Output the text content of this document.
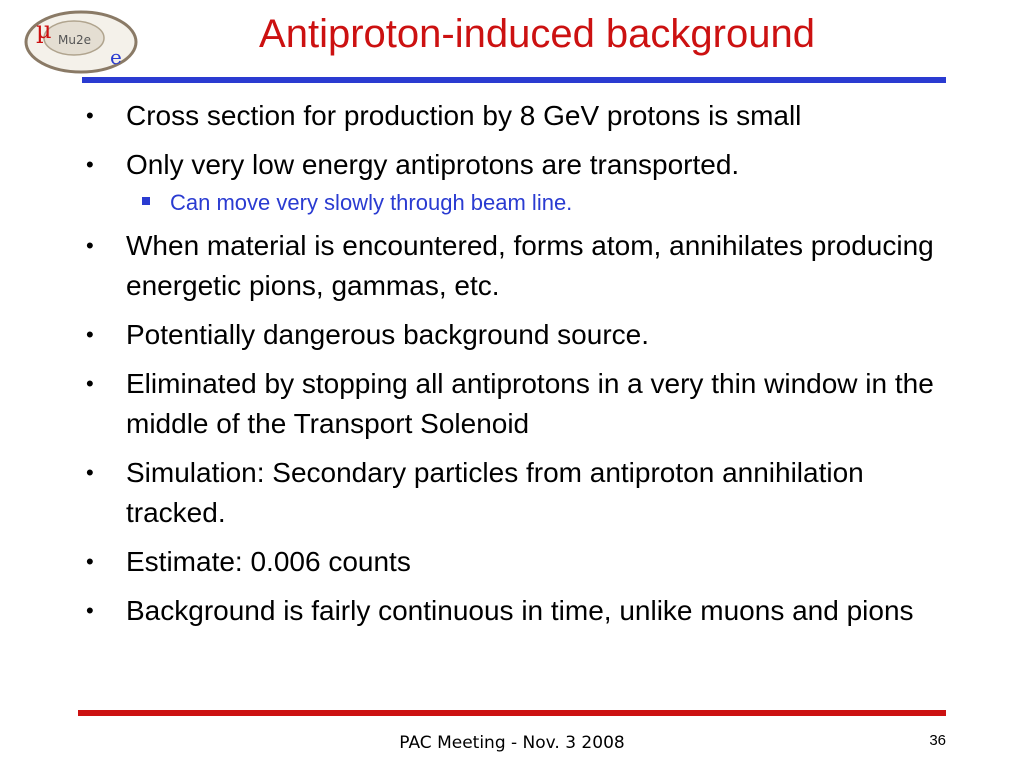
µ Mu2e
e
Antiproton-induced background
•	Cross section for production by 8 GeV protons is small
•	Only very low energy antiprotons are transported.
Can move very slowly through beam line.
•	When material is encountered, forms atom, annihilates producing energetic pions, gammas, etc.
•	Potentially dangerous background source.
•	Eliminated by stopping all antiprotons in a very thin window in the middle of the Transport Solenoid
•	Simulation: Secondary particles from antiproton annihilation tracked.
•	Estimate: 0.006 counts
•	Background is fairly continuous in time, unlike muons and pions
PAC Meeting - Nov. 3 2008	36
